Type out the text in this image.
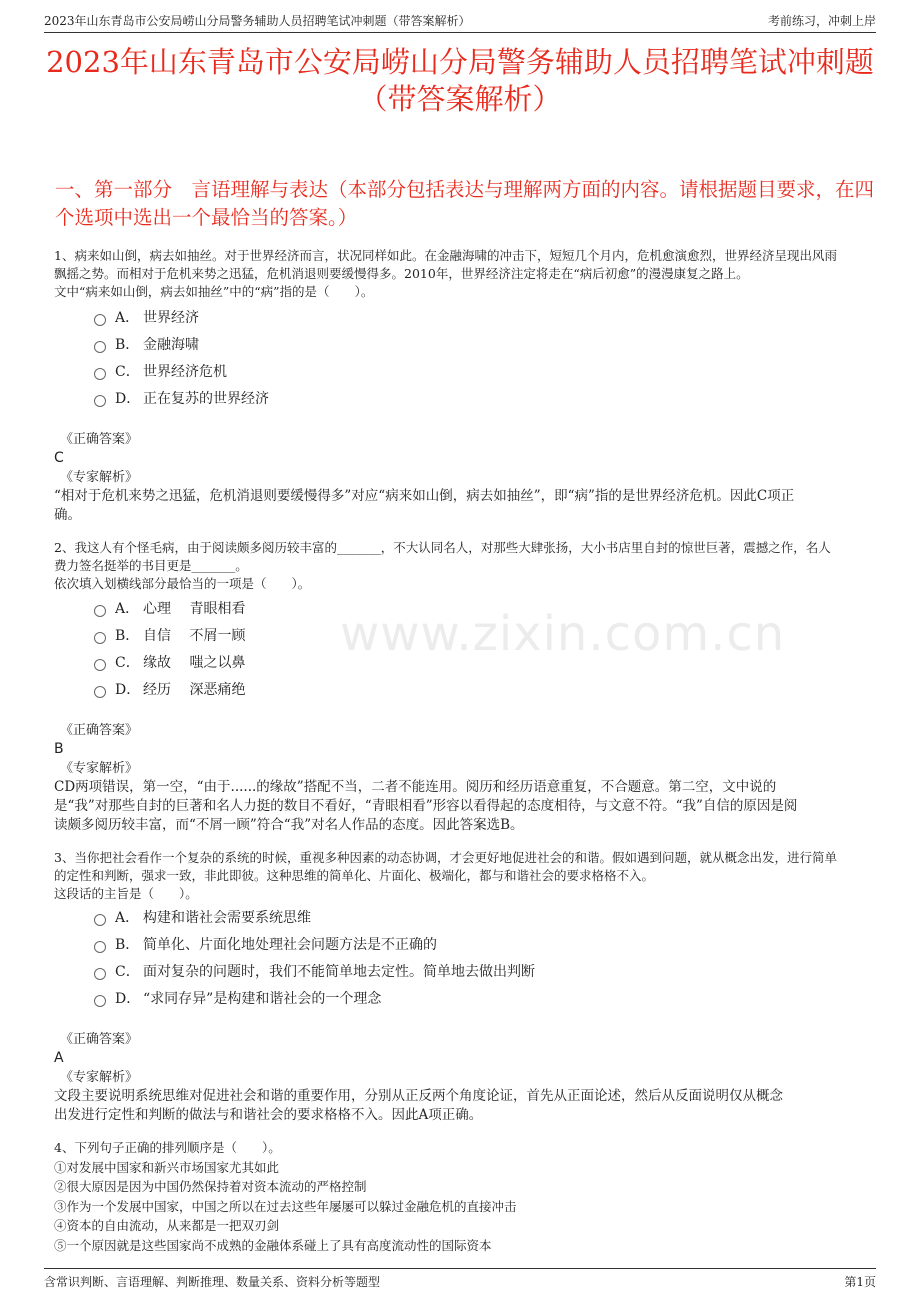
2023年山东青岛市公安局崂山分局警务辅助人员招聘笔试冲刺题（带答案解析）	考前练习，冲刺上岸
www.zixin.com.cn
2023年山东青岛市公安局崂山分局警务辅助人员招聘笔试冲刺题（带答案解析）
一、第一部分　言语理解与表达（本部分包括表达与理解两方面的内容。请根据题目要求，在四个选项中选出一个最恰当的答案。）
1、病来如山倒，病去如抽丝。对于世界经济而言，状况同样如此。在金融海啸的冲击下，短短几个月内，危机愈演愈烈，世界经济呈现出风雨
飘摇之势。而相对于危机来势之迅猛，危机消退则要缓慢得多。2010年，世界经济注定将走在“病后初愈”的漫漫康复之路上。
文中“病来如山倒，病去如抽丝”中的“病”指的是（　　）。
A． 世界经济
B． 金融海啸
C． 世界经济危机
D． 正在复苏的世界经济
《正确答案》
C
《专家解析》
“相对于危机来势之迅猛，危机消退则要缓慢得多”对应“病来如山倒，病去如抽丝”，即“病”指的是世界经济危机。因此C项正
确。
2、我这人有个怪毛病，由于阅读颇多阅历较丰富的_______，不大认同名人，对那些大肆张扬，大小书店里自封的惊世巨著，震撼之作，名人
费力签名挺举的书目更是_______。
依次填入划横线部分最恰当的一项是（　　）。
A． 心理　 青眼相看
B． 自信　 不屑一顾
C． 缘故　 嗤之以鼻
D． 经历　 深恶痛绝
《正确答案》
B
《专家解析》
CD两项错误，第一空，“由于......的缘故”搭配不当，二者不能连用。阅历和经历语意重复，不合题意。第二空，文中说的
是“我”对那些自封的巨著和名人力挺的数目不看好，“青眼相看”形容以看得起的态度相待，与文意不符。“我”自信的原因是阅
读颇多阅历较丰富，而“不屑一顾”符合“我”对名人作品的态度。因此答案选B。
3、当你把社会看作一个复杂的系统的时候，重视多种因素的动态协调，才会更好地促进社会的和谐。假如遇到问题，就从概念出发，进行简单
的定性和判断，强求一致，非此即彼。这种思维的简单化、片面化、极端化，都与和谐社会的要求格格不入。
这段话的主旨是（　　）。
A． 构建和谐社会需要系统思维
B． 简单化、片面化地处理社会问题方法是不正确的
C． 面对复杂的问题时，我们不能简单地去定性。简单地去做出判断
D． “求同存异”是构建和谐社会的一个理念
《正确答案》
A
《专家解析》
文段主要说明系统思维对促进社会和谐的重要作用，分别从正反两个角度论证，首先从正面论述，然后从反面说明仅从概念
出发进行定性和判断的做法与和谐社会的要求格格不入。因此A项正确。
4、下列句子正确的排列顺序是（　　）。
①对发展中国家和新兴市场国家尤其如此
②很大原因是因为中国仍然保持着对资本流动的严格控制
③作为一个发展中国家，中国之所以在过去这些年屡屡可以躲过金融危机的直接冲击
④资本的自由流动，从来都是一把双刃剑
⑤一个原因就是这些国家尚不成熟的金融体系碰上了具有高度流动性的国际资本
含常识判断、言语理解、判断推理、数量关系、资料分析等题型	第1页
